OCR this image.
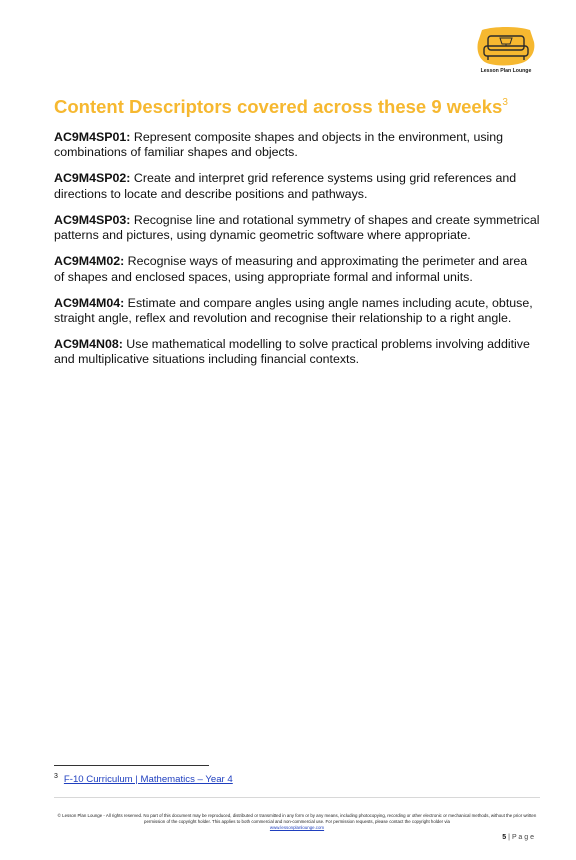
Lesson Plan Lounge
Content Descriptors covered across these 9 weeks$^3$
AC9M4SP01: Represent composite shapes and objects in the environment, using combinations of familiar shapes and objects.
AC9M4SP02: Create and interpret grid reference systems using grid references and directions to locate and describe positions and pathways.
AC9M4SP03: Recognise line and rotational symmetry of shapes and create symmetrical patterns and pictures, using dynamic geometric software where appropriate.
AC9M4M02: Recognise ways of measuring and approximating the perimeter and area of shapes and enclosed spaces, using appropriate formal and informal units.
AC9M4M04: Estimate and compare angles using angle names including acute, obtuse, straight angle, reflex and revolution and recognise their relationship to a right angle.
AC9M4N08: Use mathematical modelling to solve practical problems involving additive and multiplicative situations including financial contexts.
$^3$ F-10 Curriculum | Mathematics – Year 4
© Lesson Plan Lounge - All rights reserved. No part of this document may be reproduced, distributed or transmitted in any form or by any means, including photocopying, recording or other electronic or mechanical methods, without the prior written permission of the copyright holder. This applies to both commercial and non-commercial use. For permission requests, please contact the copyright holder via
www.lessonplanlounge.com
5 | P a g e
